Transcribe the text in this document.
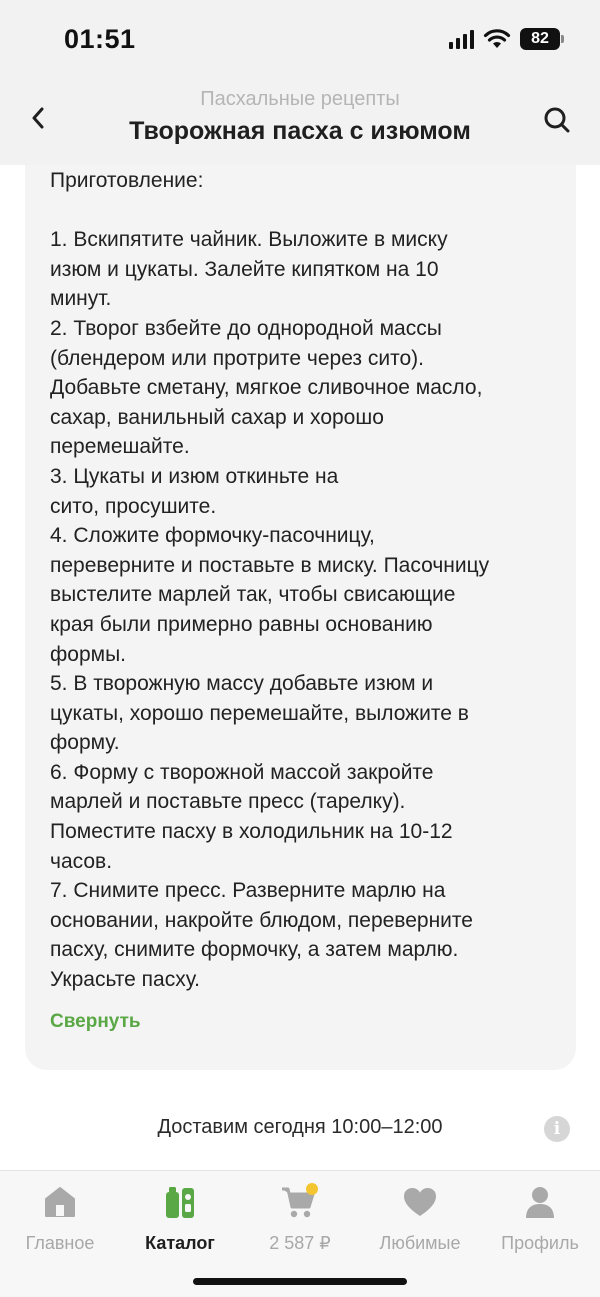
01:51	82
Пасхальные рецепты
Творожная пасха с изюмом

Приготовление:

1. Вскипятите чайник. Выложите в миску

изюм и цукаты. Залейте кипятком на 10

минут.

2. Творог взбейте до однородной массы

(блендером или протрите через сито).

Добавьте сметану, мягкое сливочное масло,

сахар, ванильный сахар и хорошо

перемешайте.

3. Цукаты и изюм откиньте на

сито, просушите.

4. Сложите формочку-пасочницу,

переверните и поставьте в миску. Пасочницу

выстелите марлей так, чтобы свисающие

края были примерно равны основанию

формы.

5. В творожную массу добавьте изюм и

цукаты, хорошо перемешайте, выложите в

форму.

6. Форму с творожной массой закройте

марлей и поставьте пресс (тарелку).

Поместите пасху в холодильник на 10-12

часов.

7. Снимите пресс. Разверните марлю на

основании, накройте блюдом, переверните

пасху, снимите формочку, а затем марлю.

Украсьте пасху.

Свернуть
Доставим сегодня 10:00–12:00	i
Главное	Каталог	2 587 ₽	Любимые	Профиль
